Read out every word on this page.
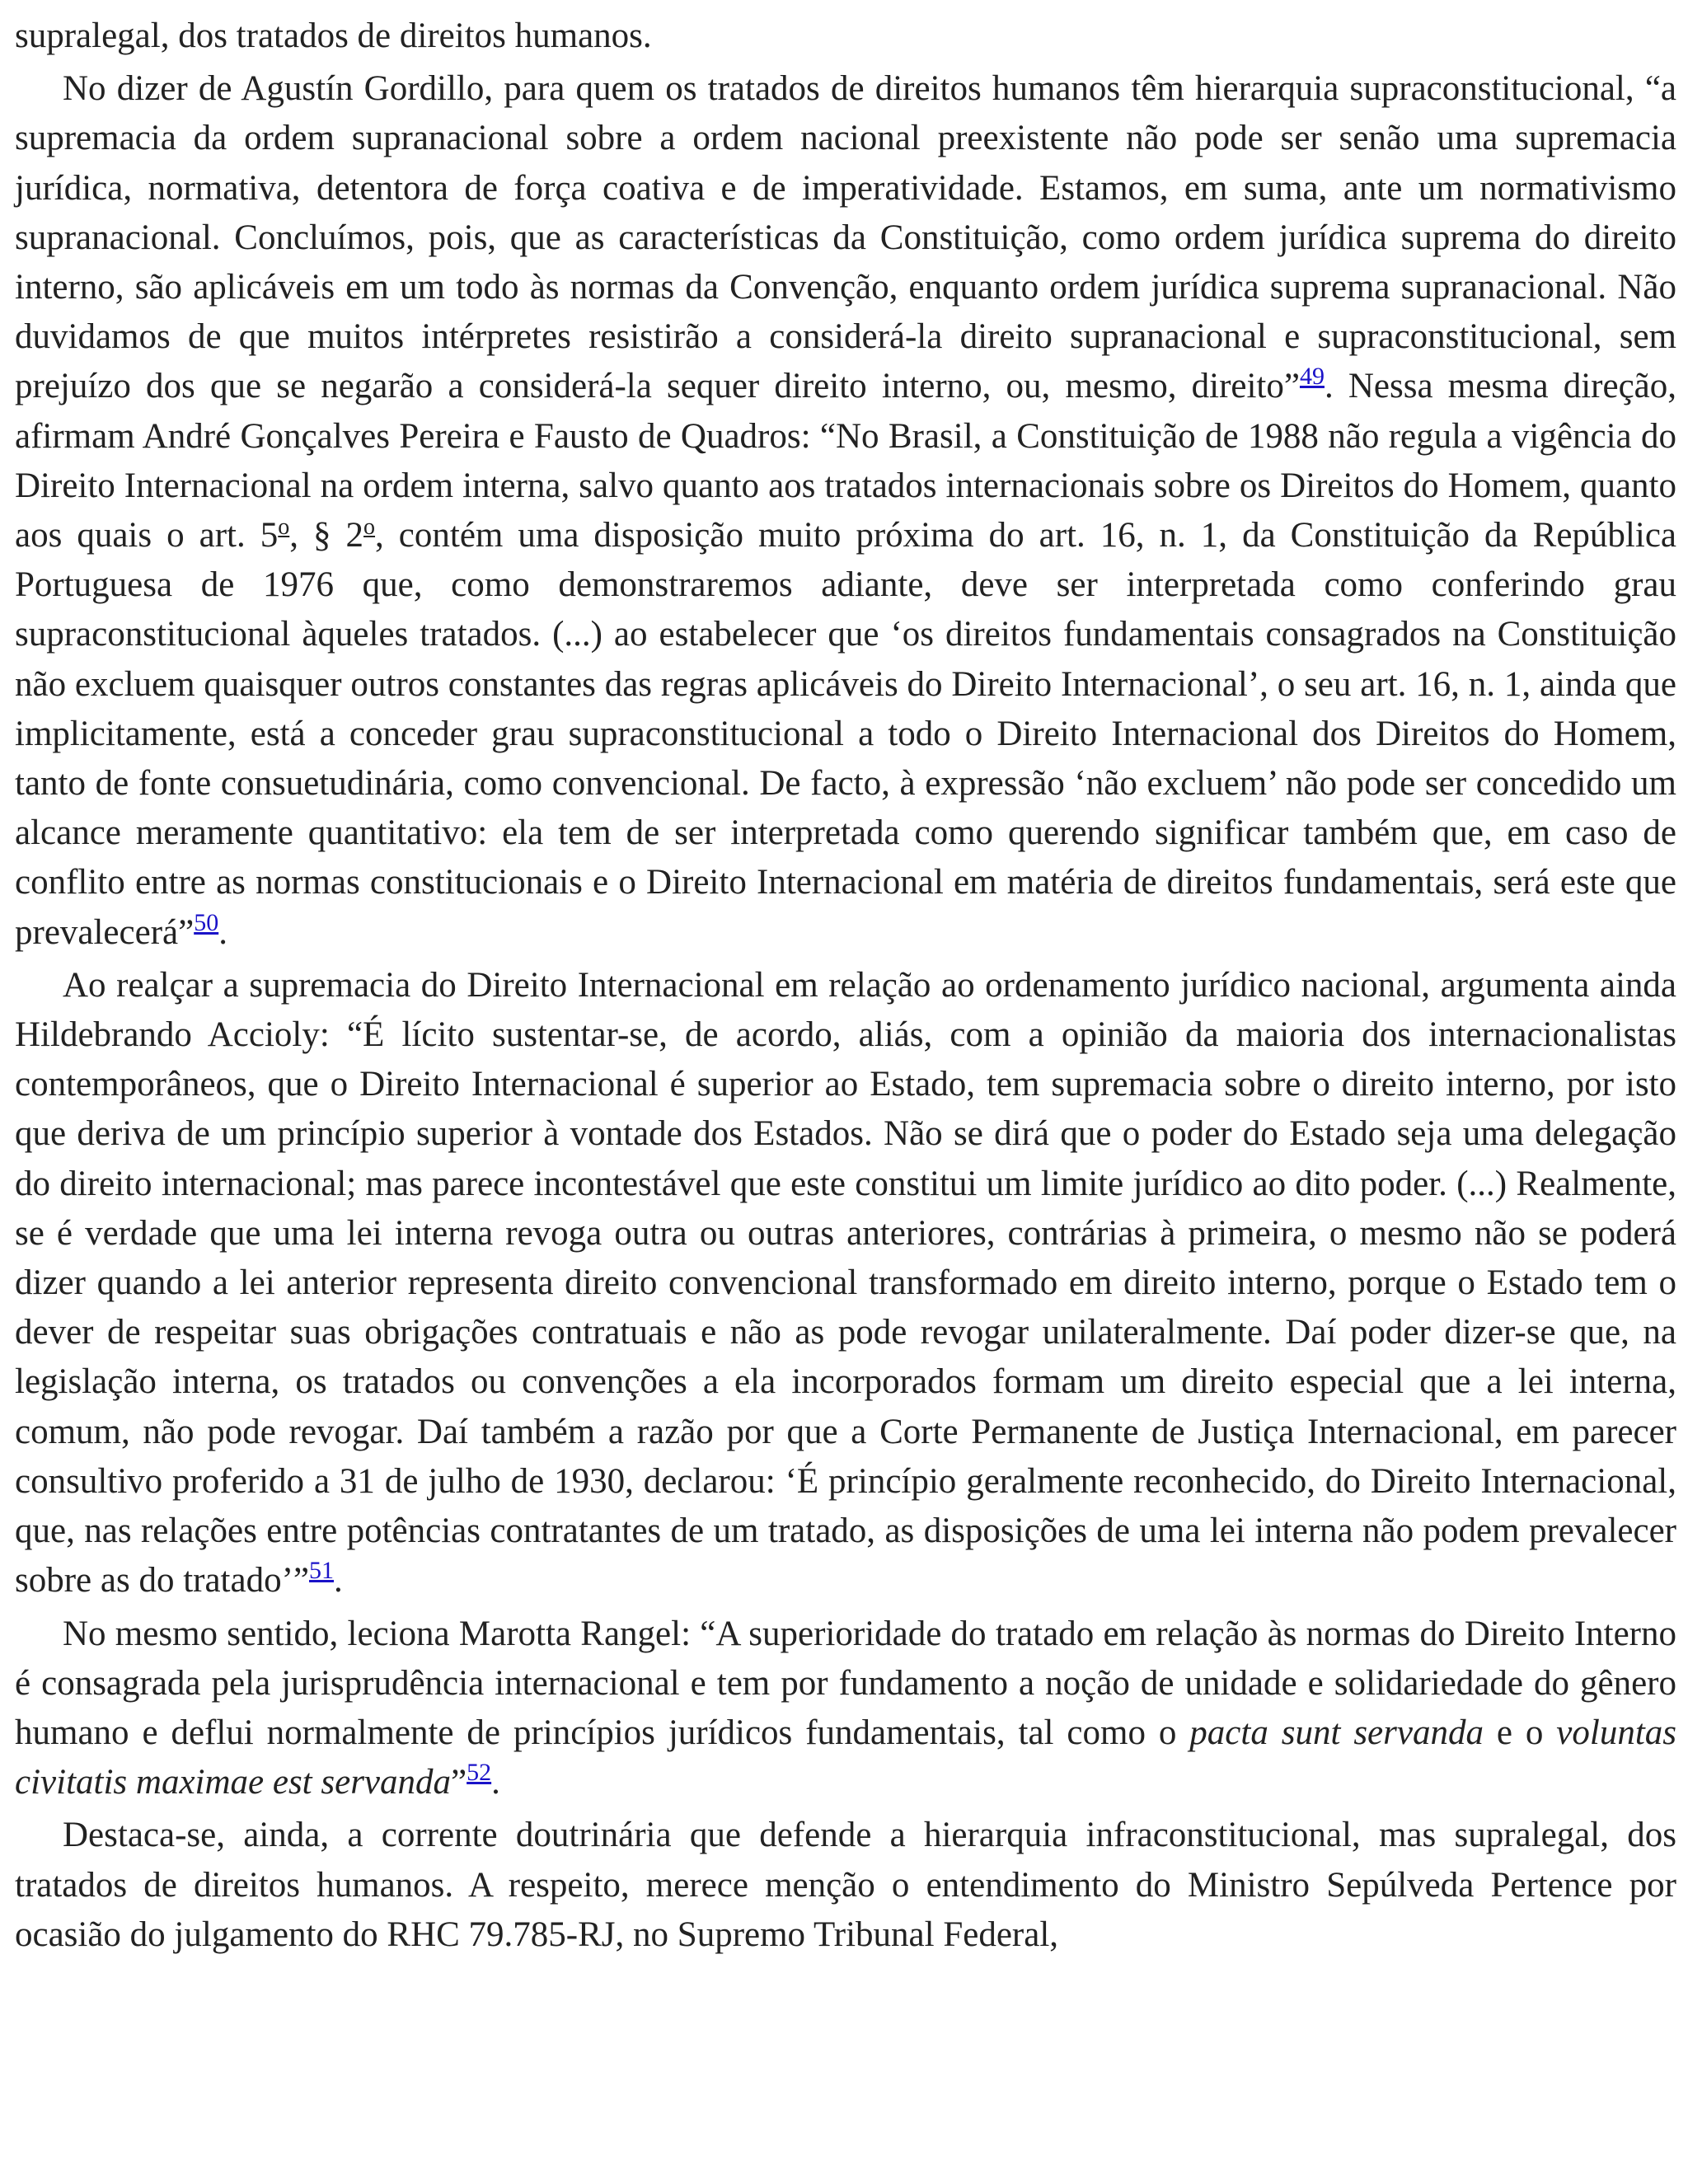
supralegal, dos tratados de direitos humanos.

No dizer de Agustín Gordillo, para quem os tratados de direitos humanos têm hierarquia supraconstitucional, “a supremacia da ordem supranacional sobre a ordem nacional preexistente não pode ser senão uma supremacia jurídica, normativa, detentora de força coativa e de imperatividade. Estamos, em suma, ante um normativismo supranacional. Concluímos, pois, que as características da Constituição, como ordem jurídica suprema do direito interno, são aplicáveis em um todo às normas da Convenção, enquanto ordem jurídica suprema supranacional. Não duvidamos de que muitos intérpretes resistirão a considerá-la direito supranacional e supraconstitucional, sem prejuízo dos que se negarão a considerá-la sequer direito interno, ou, mesmo, direito”$^{49}$. Nessa mesma direção, afirmam André Gonçalves Pereira e Fausto de Quadros: “No Brasil, a Constituição de 1988 não regula a vigência do Direito Internacional na ordem interna, salvo quanto aos tratados internacionais sobre os Direitos do Homem, quanto aos quais o art. 5$^o$, § 2$^o$, contém uma disposição muito próxima do art. 16, n. 1, da Constituição da República Portuguesa de 1976 que, como demonstraremos adiante, deve ser interpretada como conferindo grau supraconstitucional àqueles tratados. (...) ao estabelecer que ‘os direitos fundamentais consagrados na Constituição não excluem quaisquer outros constantes das regras aplicáveis do Direito Internacional’, o seu art. 16, n. 1, ainda que implicitamente, está a conceder grau supraconstitucional a todo o Direito Internacional dos Direitos do Homem, tanto de fonte consuetudinária, como convencional. De facto, à expressão ‘não excluem’ não pode ser concedido um alcance meramente quantitativo: ela tem de ser interpretada como querendo significar também que, em caso de conflito entre as normas constitucionais e o Direito Internacional em matéria de direitos fundamentais, será este que prevalecerá”$^{50}$.

Ao realçar a supremacia do Direito Internacional em relação ao ordenamento jurídico nacional, argumenta ainda Hildebrando Accioly: “É lícito sustentar-se, de acordo, aliás, com a opinião da maioria dos internacionalistas contemporâneos, que o Direito Internacional é superior ao Estado, tem supremacia sobre o direito interno, por isto que deriva de um princípio superior à vontade dos Estados. Não se dirá que o poder do Estado seja uma delegação do direito internacional; mas parece incontestável que este constitui um limite jurídico ao dito poder. (...) Realmente, se é verdade que uma lei interna revoga outra ou outras anteriores, contrárias à primeira, o mesmo não se poderá dizer quando a lei anterior representa direito convencional transformado em direito interno, porque o Estado tem o dever de respeitar suas obrigações contratuais e não as pode revogar unilateralmente. Daí poder dizer-se que, na legislação interna, os tratados ou convenções a ela incorporados formam um direito especial que a lei interna, comum, não pode revogar. Daí também a razão por que a Corte Permanente de Justiça Internacional, em parecer consultivo proferido a 31 de julho de 1930, declarou: ‘É princípio geralmente reconhecido, do Direito Internacional, que, nas relações entre potências contratantes de um tratado, as disposições de uma lei interna não podem prevalecer sobre as do tratado’”$^{51}$.

No mesmo sentido, leciona Marotta Rangel: “A superioridade do tratado em relação às normas do Direito Interno é consagrada pela jurisprudência internacional e tem por fundamento a noção de unidade e solidariedade do gênero humano e deflui normalmente de princípios jurídicos fundamentais, tal como o pacta sunt servanda e o voluntas civitatis maximae est servanda”$^{52}$.

Destaca-se, ainda, a corrente doutrinária que defende a hierarquia infraconstitucional, mas supralegal, dos tratados de direitos humanos. A respeito, merece menção o entendimento do Ministro Sepúlveda Pertence por ocasião do julgamento do RHC 79.785-RJ, no Supremo Tribunal Federal,
